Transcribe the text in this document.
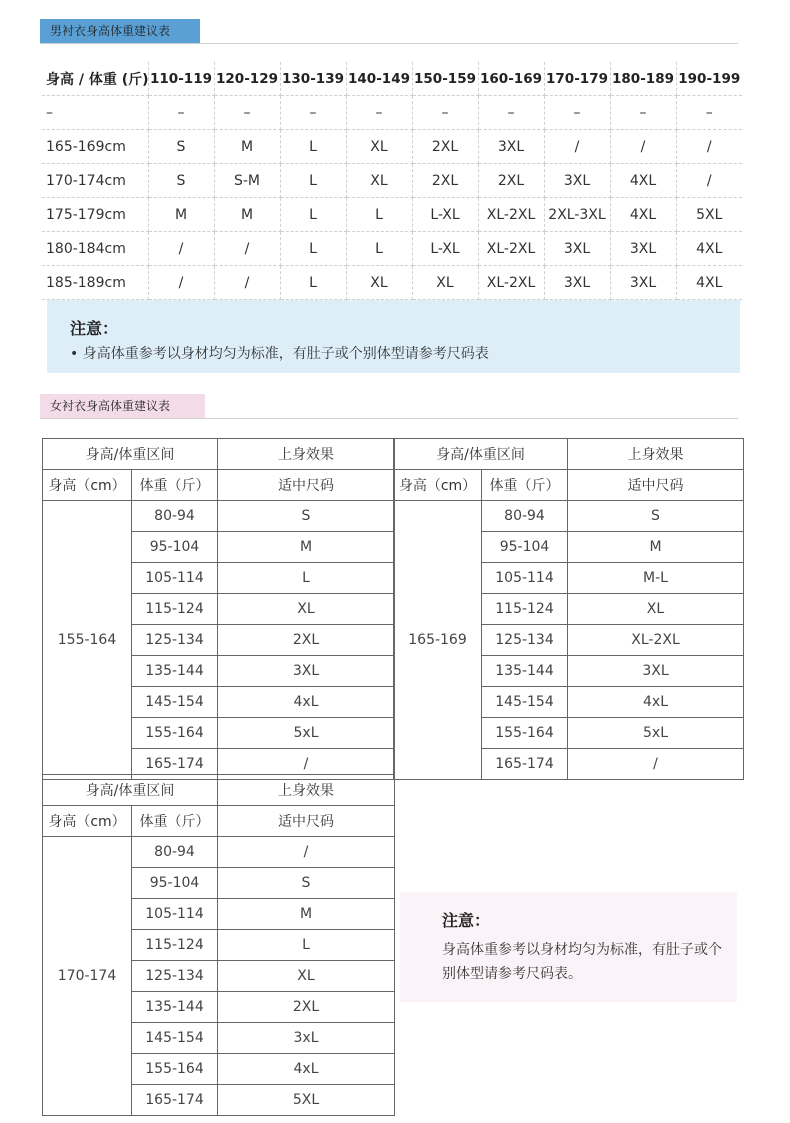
男衬衣身高体重建议表
身高 / 体重 (斤)	110-119	120-129	130-139	140-149	150-159	160-169	170-179	180-189	190-199
–	–	–	–	–	–	–	–	–	–
165-169cm	S	M	L	XL	2XL	3XL	/	/	/
170-174cm	S	S-M	L	XL	2XL	2XL	3XL	4XL	/
175-179cm	M	M	L	L	L-XL	XL-2XL	2XL-3XL	4XL	5XL
180-184cm	/	/	L	L	L-XL	XL-2XL	3XL	3XL	4XL
185-189cm	/	/	L	XL	XL	XL-2XL	3XL	3XL	4XL
注意：
• 身高体重参考以身材均匀为标准，有肚子或个别体型请参考尺码表
女衬衣身高体重建议表
身高/体重区间		上身效果
身高（cm）	体重（斤）	适中尺码
155-164	80-94	S
	95-104	M
	105-114	L
	115-124	XL
	125-134	2XL
	135-144	3XL
	145-154	4xL
	155-164	5xL
	165-174	/
身高/体重区间		上身效果
身高（cm）	体重（斤）	适中尺码
165-169	80-94	S
	95-104	M
	105-114	M-L
	115-124	XL
	125-134	XL-2XL
	135-144	3XL
	145-154	4xL
	155-164	5xL
	165-174	/
身高/体重区间		上身效果
身高（cm）	体重（斤）	适中尺码
170-174	80-94	/
	95-104	S
	105-114	M
	115-124	L
	125-134	XL
	135-144	2XL
	145-154	3xL
	155-164	4xL
	165-174	5XL
注意：
身高体重参考以身材均匀为标准，有肚子或个别体型请参考尺码表。
